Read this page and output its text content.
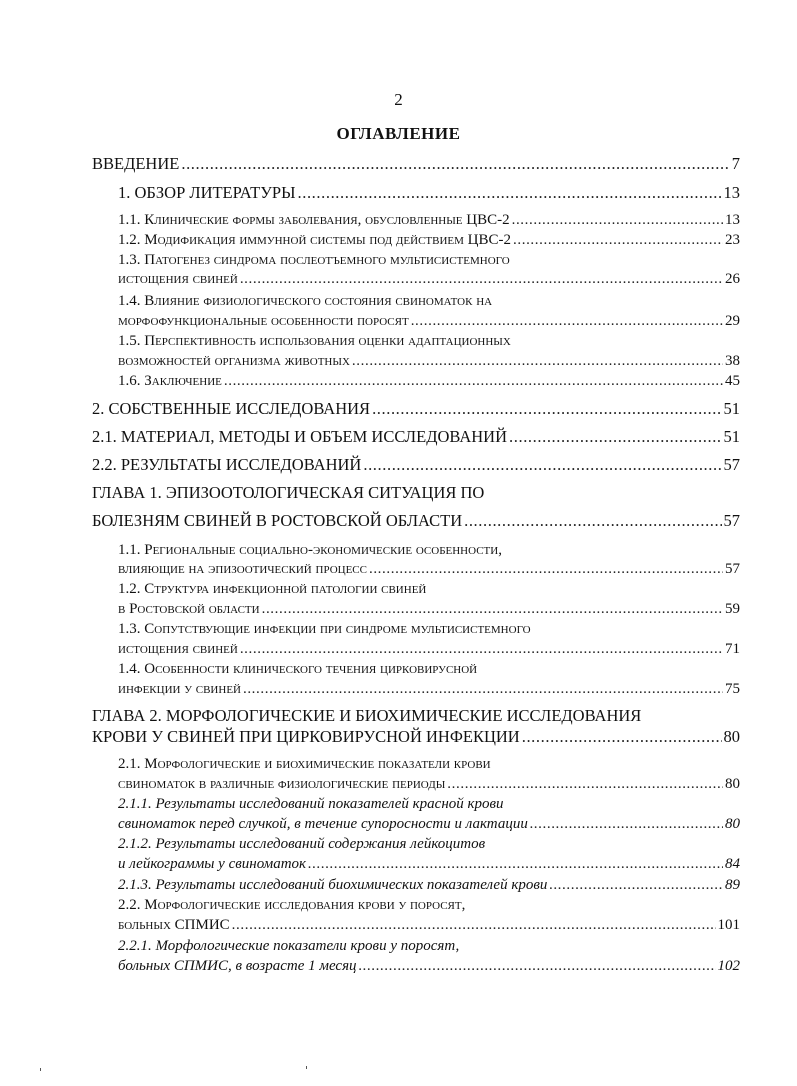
2
ОГЛАВЛЕНИЕ
ВВЕДЕНИЕ .....	7
1. ОБЗОР ЛИТЕРАТУРЫ .....	13
1.1. Клинические формы заболевания, обусловленные ЦВС-2 .....	13
1.2. Модификация иммунной системы под действием ЦВС-2 .....	23
1.3. Патогенез синдрома послеотъемного мультисистемного
истощения свиней .....	26
1.4. Влияние физиологического состояния свиноматок на
морфофункциональные особенности поросят .....	29
1.5. Перспективность использования оценки адаптационных
возможностей организма животных .....	38
1.6. Заключение .....	45
2. СОБСТВЕННЫЕ ИССЛЕДОВАНИЯ .....	51
2.1. МАТЕРИАЛ, МЕТОДЫ И ОБЪЕМ ИССЛЕДОВАНИЙ .....	51
2.2. РЕЗУЛЬТАТЫ ИССЛЕДОВАНИЙ .....	57
ГЛАВА 1. ЭПИЗООТОЛОГИЧЕСКАЯ СИТУАЦИЯ ПО
БОЛЕЗНЯМ СВИНЕЙ В РОСТОВСКОЙ ОБЛАСТИ .....	57
1.1. Региональные социально-экономические особенности,
влияющие на эпизоотический процесс .....	57
1.2. Структура инфекционной патологии свиней
в Ростовской области .....	59
1.3. Сопутствующие инфекции при синдроме мультисистемного
истощения свиней .....	71
1.4. Особенности клинического течения цирковирусной
инфекции у свиней .....	75
ГЛАВА 2. МОРФОЛОГИЧЕСКИЕ И БИОХИМИЧЕСКИЕ ИССЛЕДОВАНИЯ
КРОВИ У СВИНЕЙ ПРИ ЦИРКОВИРУСНОЙ ИНФЕКЦИИ .....	80
2.1. Морфологические и биохимические показатели крови
свиноматок в различные физиологические периоды .....	80
2.1.1. Результаты исследований показателей красной крови
свиноматок перед случкой, в течение супоросности и лактации .....	80
2.1.2. Результаты исследований содержания лейкоцитов
и лейкограммы у свиноматок .....	84
2.1.3. Результаты исследований биохимических показателей крови .....	89
2.2. Морфологические исследования крови у поросят,
больных СПМИС .....	101
2.2.1. Морфологические показатели крови у поросят,
больных СПМИС, в возрасте 1 месяц .....	102
